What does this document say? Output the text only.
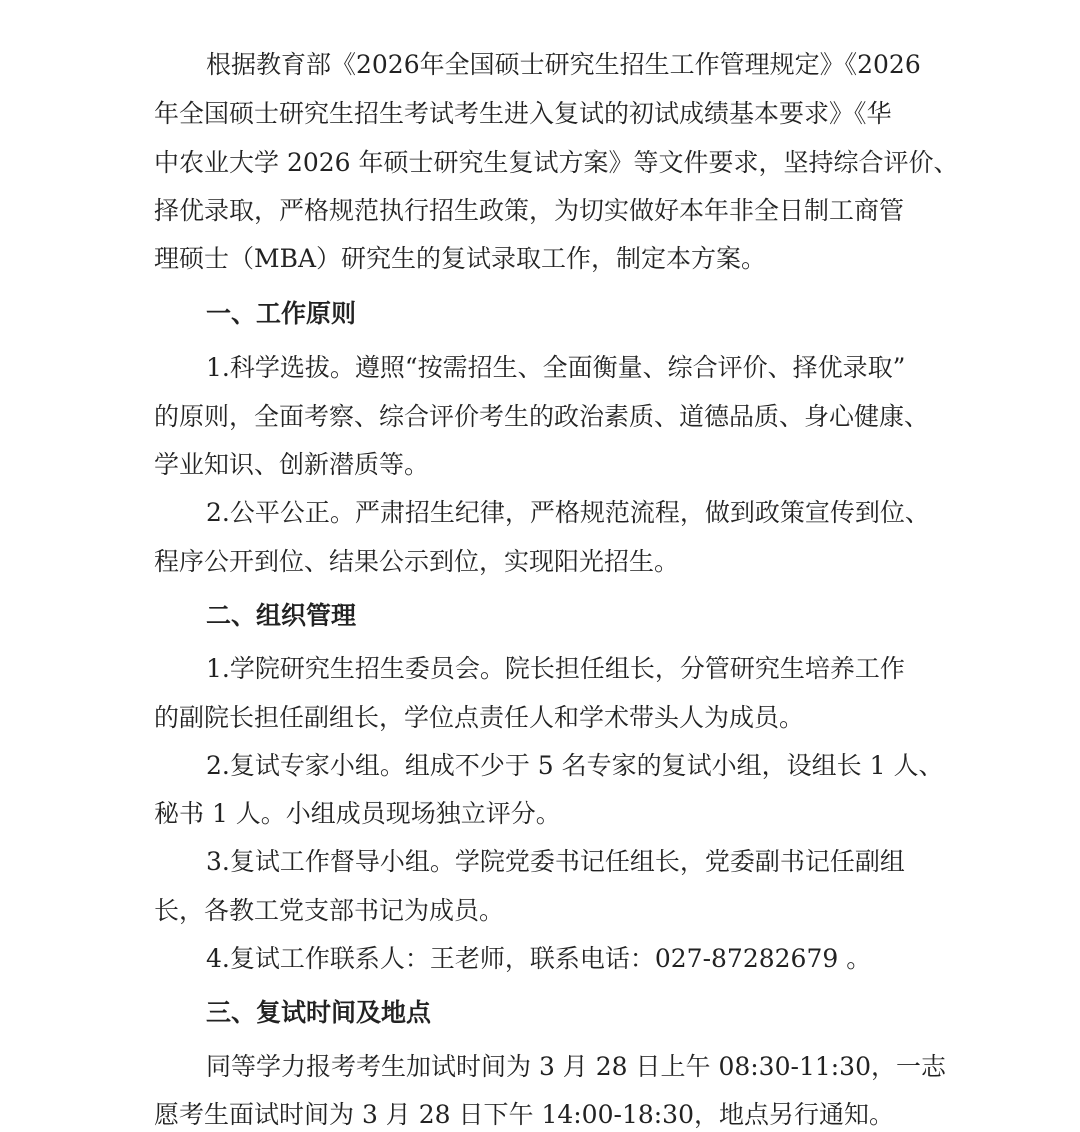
根据教育部《2026年全国硕士研究生招生工作管理规定》《2026
年全国硕士研究生招生考试考生进入复试的初试成绩基本要求》《华
中农业大学 2026 年硕士研究生复试方案》等文件要求，坚持综合评价、
择优录取，严格规范执行招生政策，为切实做好本年非全日制工商管
理硕士（MBA）研究生的复试录取工作，制定本方案。
一、工作原则
1.科学选拔。遵照“按需招生、全面衡量、综合评价、择优录取”
的原则，全面考察、综合评价考生的政治素质、道德品质、身心健康、
学业知识、创新潜质等。
2.公平公正。严肃招生纪律，严格规范流程，做到政策宣传到位、
程序公开到位、结果公示到位，实现阳光招生。
二、组织管理
1.学院研究生招生委员会。院长担任组长，分管研究生培养工作
的副院长担任副组长，学位点责任人和学术带头人为成员。
2.复试专家小组。组成不少于 5 名专家的复试小组，设组长 1 人、
秘书 1 人。小组成员现场独立评分。
3.复试工作督导小组。学院党委书记任组长，党委副书记任副组
长，各教工党支部书记为成员。
4.复试工作联系人：王老师，联系电话：027-87282679 。
三、复试时间及地点
同等学力报考考生加试时间为 3 月 28 日上午 08:30-11:30，一志
愿考生面试时间为 3 月 28 日下午 14:00-18:30，地点另行通知。
